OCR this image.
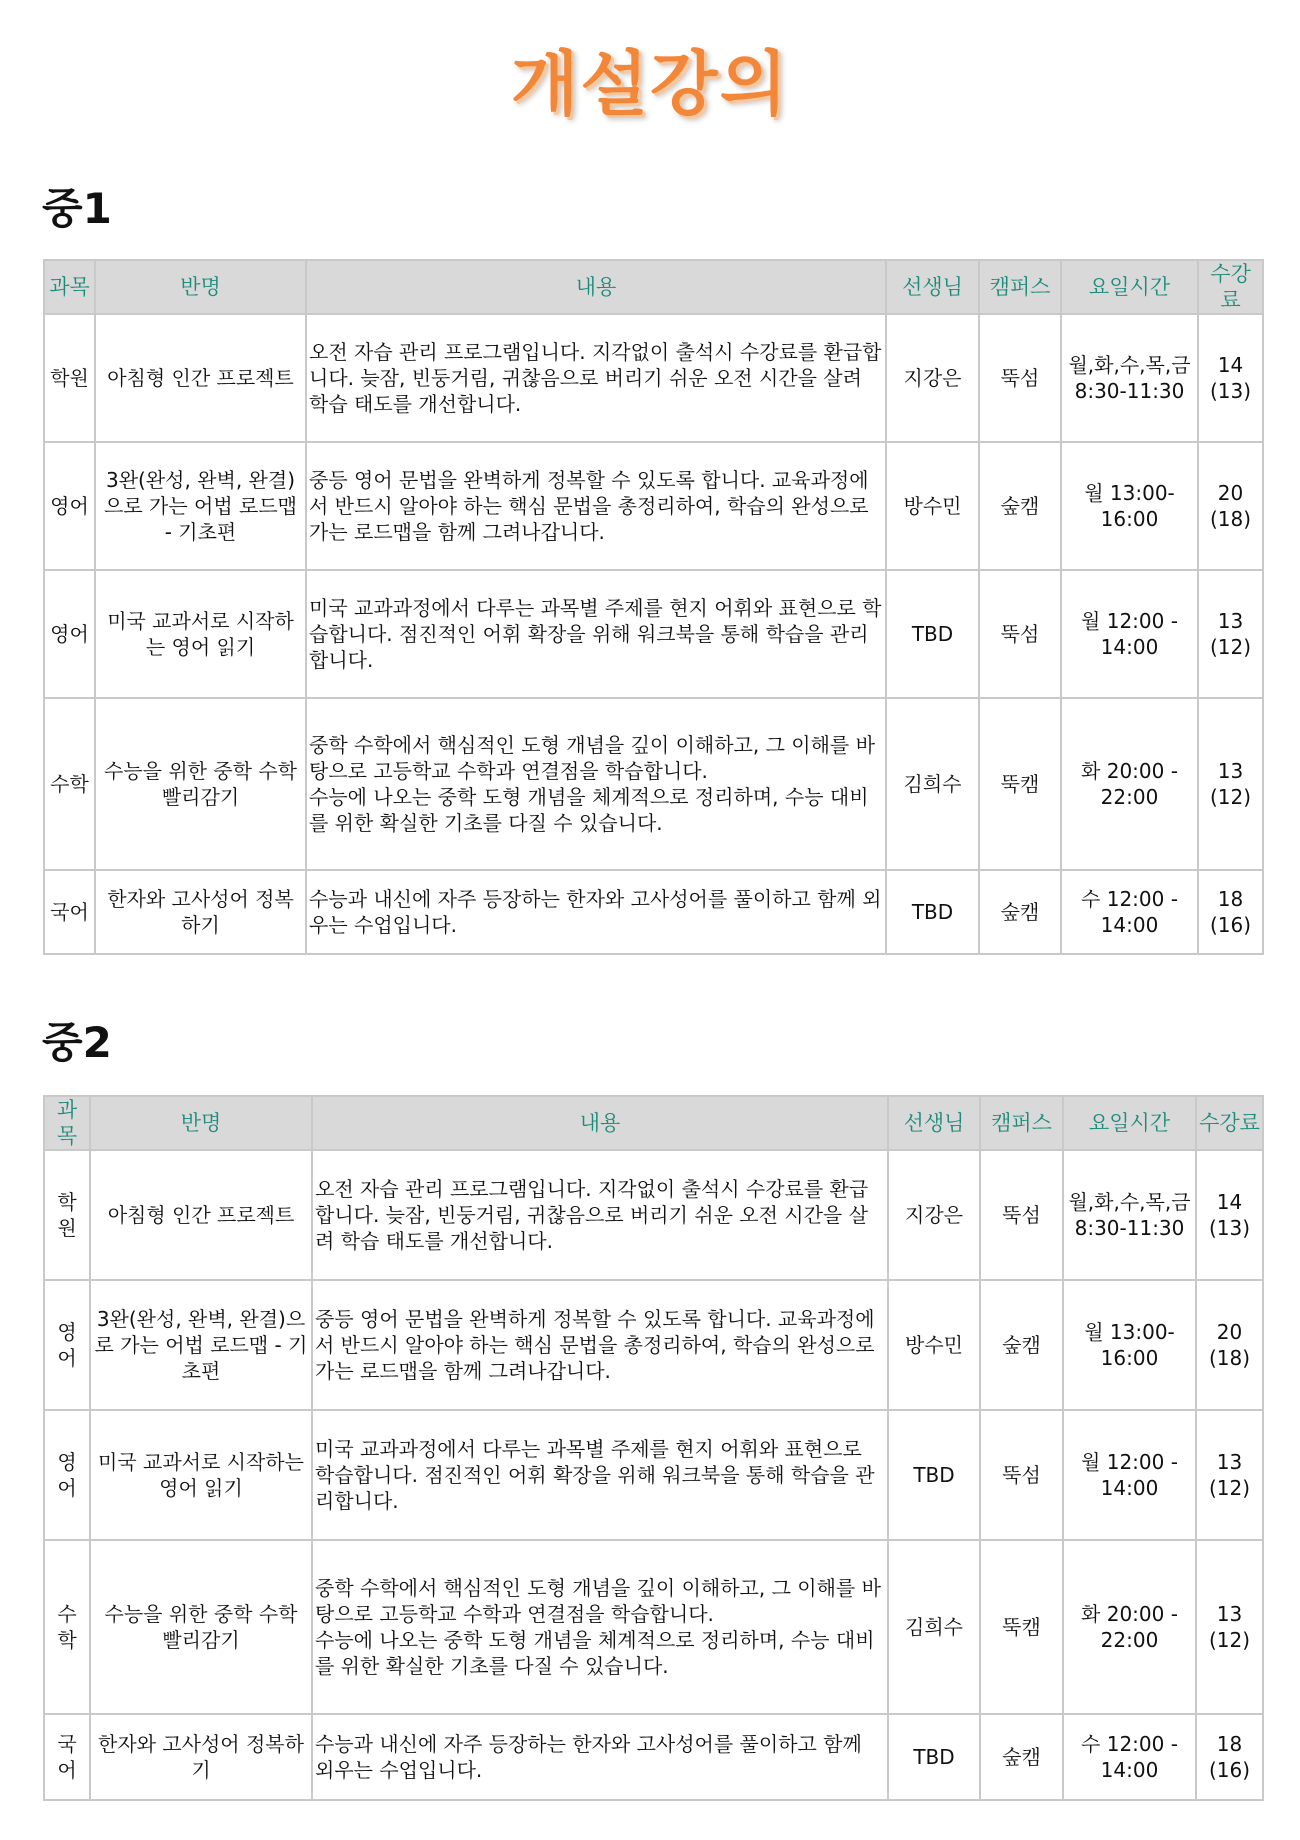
개설강의
중1
과목	반명	내용	선생님	캠퍼스	요일시간	수강료
학원	아침형 인간 프로젝트	오전 자습 관리 프로그램입니다. 지각없이 출석시 수강료를 환급합니다. 늦잠, 빈둥거림, 귀찮음으로 버리기 쉬운 오전 시간을 살려 학습 태도를 개선합니다.	지강은	뚝섬	월,화,수,목,금 8:30-11:30	14 (13)
영어	3완(완성, 완벽, 완결)으로 가는 어법 로드맵 - 기초편	중등 영어 문법을 완벽하게 정복할 수 있도록 합니다. 교육과정에서 반드시 알아야 하는 핵심 문법을 총정리하여, 학습의 완성으로 가는 로드맵을 함께 그려나갑니다.	방수민	숲캠	월 13:00-16:00	20 (18)
영어	미국 교과서로 시작하는 영어 읽기	미국 교과과정에서 다루는 과목별 주제를 현지 어휘와 표현으로 학습합니다. 점진적인 어휘 확장을 위해 워크북을 통해 학습을 관리합니다.	TBD	뚝섬	월 12:00 - 14:00	13 (12)
수학	수능을 위한 중학 수학 빨리감기	중학 수학에서 핵심적인 도형 개념을 깊이 이해하고, 그 이해를 바탕으로 고등학교 수학과 연결점을 학습합니다.
수능에 나오는 중학 도형 개념을 체계적으로 정리하며, 수능 대비를 위한 확실한 기초를 다질 수 있습니다.	김희수	뚝캠	화 20:00 - 22:00	13 (12)
국어	한자와 고사성어 정복하기	수능과 내신에 자주 등장하는 한자와 고사성어를 풀이하고 함께 외우는 수업입니다.	TBD	숲캠	수 12:00 - 14:00	18 (16)
중2
과목	반명	내용	선생님	캠퍼스	요일시간	수강료
학원	아침형 인간 프로젝트	오전 자습 관리 프로그램입니다. 지각없이 출석시 수강료를 환급합니다. 늦잠, 빈둥거림, 귀찮음으로 버리기 쉬운 오전 시간을 살려 학습 태도를 개선합니다.	지강은	뚝섬	월,화,수,목,금 8:30-11:30	14 (13)
영어	3완(완성, 완벽, 완결)으로 가는 어법 로드맵 - 기초편	중등 영어 문법을 완벽하게 정복할 수 있도록 합니다. 교육과정에서 반드시 알아야 하는 핵심 문법을 총정리하여, 학습의 완성으로 가는 로드맵을 함께 그려나갑니다.	방수민	숲캠	월 13:00-16:00	20 (18)
영어	미국 교과서로 시작하는 영어 읽기	미국 교과과정에서 다루는 과목별 주제를 현지 어휘와 표현으로 학습합니다. 점진적인 어휘 확장을 위해 워크북을 통해 학습을 관리합니다.	TBD	뚝섬	월 12:00 - 14:00	13 (12)
수학	수능을 위한 중학 수학 빨리감기	중학 수학에서 핵심적인 도형 개념을 깊이 이해하고, 그 이해를 바탕으로 고등학교 수학과 연결점을 학습합니다.
수능에 나오는 중학 도형 개념을 체계적으로 정리하며, 수능 대비를 위한 확실한 기초를 다질 수 있습니다.	김희수	뚝캠	화 20:00 - 22:00	13 (12)
국어	한자와 고사성어 정복하기	수능과 내신에 자주 등장하는 한자와 고사성어를 풀이하고 함께 외우는 수업입니다.	TBD	숲캠	수 12:00 - 14:00	18 (16)
